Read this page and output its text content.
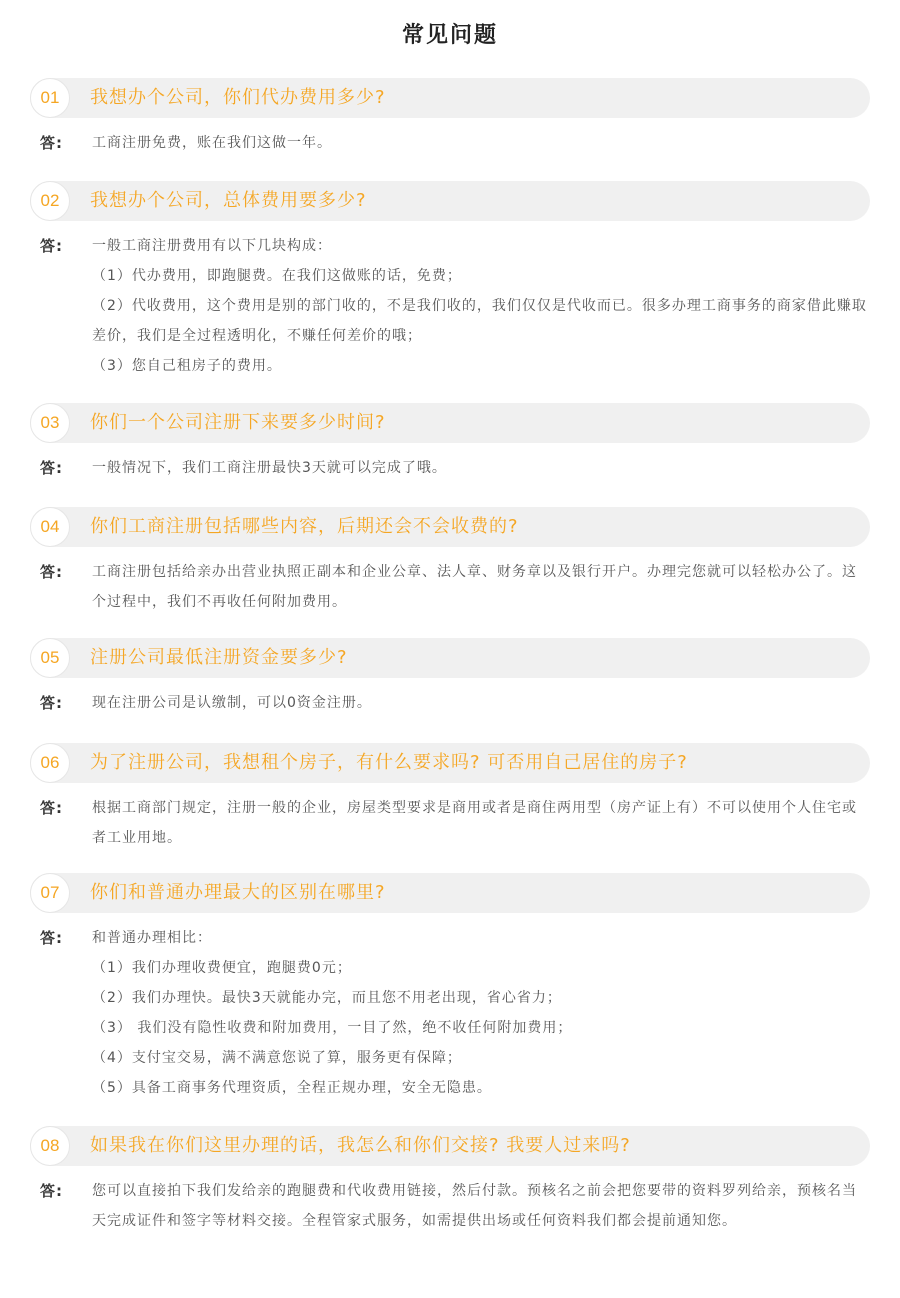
常见问题
01	我想办个公司，你们代办费用多少?
答: 工商注册免费，账在我们这做一年。
02	我想办个公司，总体费用要多少?
答: 一般工商注册费用有以下几块构成：
（1）代办费用，即跑腿费。在我们这做账的话，免费；
（2）代收费用，这个费用是别的部门收的，不是我们收的，我们仅仅是代收而已。很多办理工商事务的商家借此赚取差价，我们是全过程透明化，不赚任何差价的哦；
（3）您自己租房子的费用。
03	你们一个公司注册下来要多少时间?
答: 一般情况下，我们工商注册最快3天就可以完成了哦。
04	你们工商注册包括哪些内容，后期还会不会收费的?
答: 工商注册包括给亲办出营业执照正副本和企业公章、法人章、财务章以及银行开户。办理完您就可以轻松办公了。这个过程中，我们不再收任何附加费用。
05	注册公司最低注册资金要多少?
答: 现在注册公司是认缴制，可以0资金注册。
06	为了注册公司，我想租个房子，有什么要求吗? 可否用自己居住的房子?
答: 根据工商部门规定，注册一般的企业，房屋类型要求是商用或者是商住两用型（房产证上有）不可以使用个人住宅或者工业用地。
07	你们和普通办理最大的区别在哪里?
答: 和普通办理相比：
（1）我们办理收费便宜，跑腿费0元；
（2）我们办理快。最快3天就能办完，而且您不用老出现，省心省力；
（3） 我们没有隐性收费和附加费用，一目了然，绝不收任何附加费用；
（4）支付宝交易，满不满意您说了算，服务更有保障；
（5）具备工商事务代理资质，全程正规办理，安全无隐患。
08	如果我在你们这里办理的话，我怎么和你们交接? 我要人过来吗?
答: 您可以直接拍下我们发给亲的跑腿费和代收费用链接，然后付款。预核名之前会把您要带的资料罗列给亲，预核名当天完成证件和签字等材料交接。全程管家式服务，如需提供出场或任何资料我们都会提前通知您。
